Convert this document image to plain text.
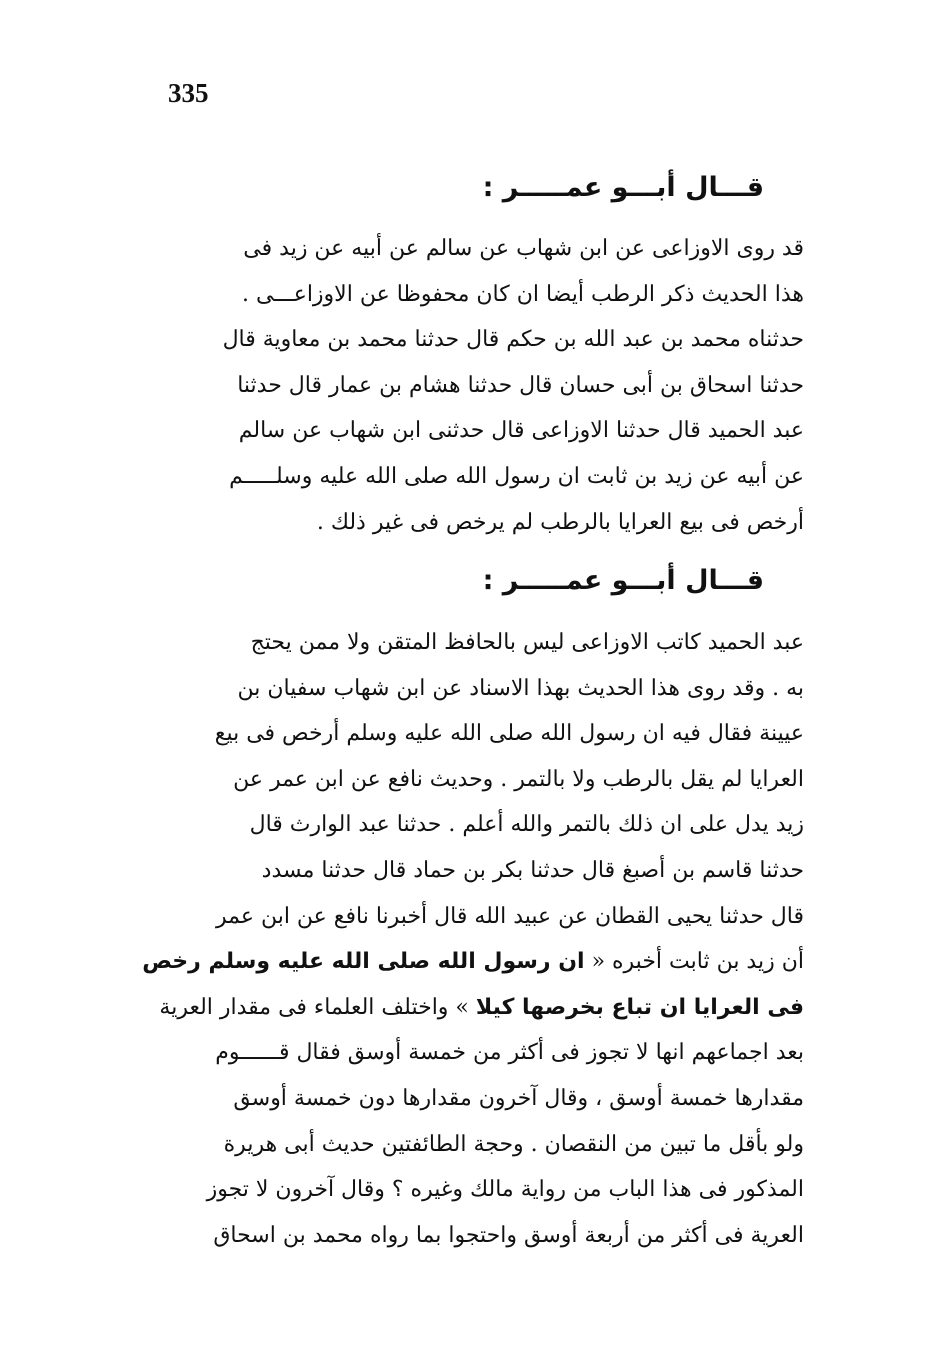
335
قـــال أبـــو عمـــــر :
قد روى الاوزاعى عن ابن شهاب عن سالم عن أبيه عن زيد فى
هذا الحديث ذكر الرطب أيضا ان كان محفوظا عن الاوزاعـــى .
حدثناه محمد بن عبد الله بن حكم قال حدثنا محمد بن معاوية قال
حدثنا اسحاق بن أبى حسان قال حدثنا هشام بن عمار قال حدثنا
عبد الحميد قال حدثنا الاوزاعى قال حدثنى ابن شهاب عن سالم
عن أبيه عن زيد بن ثابت ان رسول الله صلى الله عليه وسلـــــم
أرخص فى بيع العرايا بالرطب لم يرخص فى غير ذلك .
قـــال أبـــو عمـــــر :
عبد الحميد كاتب الاوزاعى ليس بالحافظ المتقن ولا ممن يحتج
به . وقد روى هذا الحديث بهذا الاسناد عن ابن شهاب سفيان بن
عيينة فقال فيه ان رسول الله صلى الله عليه وسلم أرخص فى بيع
العرايا لم يقل بالرطب ولا بالتمر . وحديث نافع عن ابن عمر عن
زيد يدل على ان ذلك بالتمر والله أعلم . حدثنا عبد الوارث قال
حدثنا قاسم بن أصبغ قال حدثنا بكر بن حماد قال حدثنا مسدد
قال حدثنا يحيى القطان عن عبيد الله قال أخبرنا نافع عن ابن عمر
أن زيد بن ثابت أخبره « ان رسول الله صلى الله عليه وسلم رخص
فى العرايا ان تباع بخرصها كيلا » واختلف العلماء فى مقدار العرية
بعد اجماعهم انها لا تجوز فى أكثر من خمسة أوسق فقال قــــــوم
مقدارها خمسة أوسق ، وقال آخرون مقدارها دون خمسة أوسق
ولو بأقل ما تبين من النقصان . وحجة الطائفتين حديث أبى هريرة
المذكور فى هذا الباب من رواية مالك وغيره ؟ وقال آخرون لا تجوز
العرية فى أكثر من أربعة أوسق واحتجوا بما رواه محمد بن اسحاق
